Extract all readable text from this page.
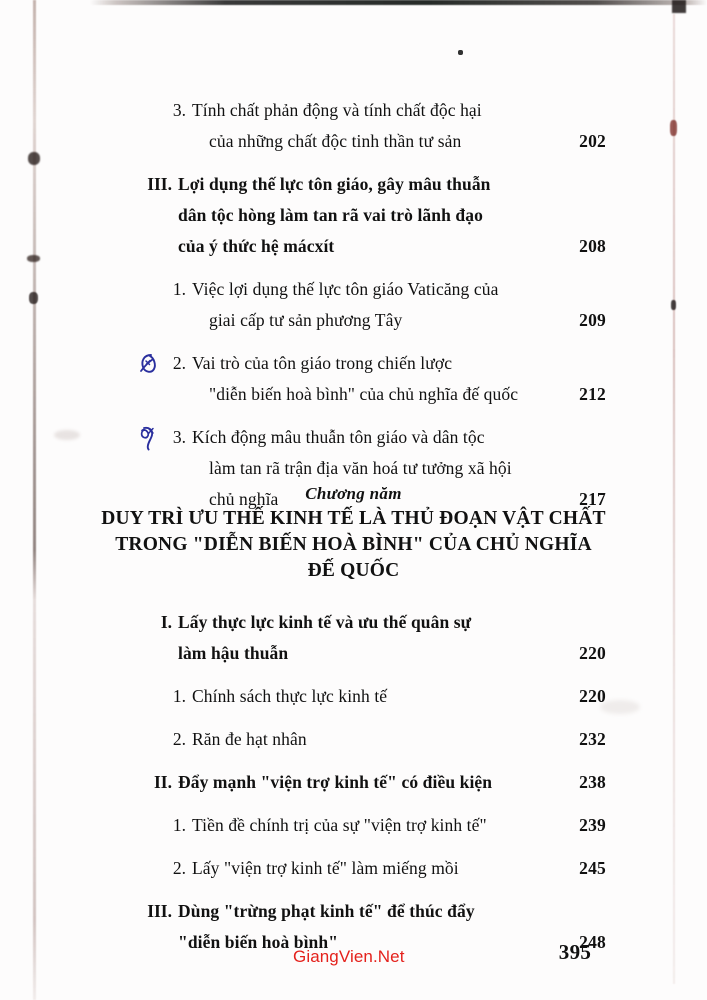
3. Tính chất phản động và tính chất độc hại
của những chất độc tinh thần tư sản	202
III. Lợi dụng thế lực tôn giáo, gây mâu thuẫn
dân tộc hòng làm tan rã vai trò lãnh đạo
của ý thức hệ mácxít	208
1. Việc lợi dụng thế lực tôn giáo Vaticăng của
giai cấp tư sản phương Tây	209
2. Vai trò của tôn giáo trong chiến lược
"diễn biến hoà bình" của chủ nghĩa đế quốc	212
3. Kích động mâu thuẫn tôn giáo và dân tộc
làm tan rã trận địa văn hoá tư tưởng xã hội
chủ nghĩa	217
Chương năm
DUY TRÌ ƯU THẾ KINH TẾ LÀ THỦ ĐOẠN VẬT CHẤT
TRONG "DIỄN BIẾN HOÀ BÌNH" CỦA CHỦ NGHĨA
ĐẾ QUỐC
I. Lấy thực lực kinh tế và ưu thế quân sự
làm hậu thuẫn	220
1. Chính sách thực lực kinh tế	220
2. Răn đe hạt nhân	232
II. Đẩy mạnh "viện trợ kinh tế" có điều kiện	238
1. Tiền đề chính trị của sự "viện trợ kinh tế"	239
2. Lấy "viện trợ kinh tế" làm miếng mồi	245
III. Dùng "trừng phạt kinh tế" để thúc đẩy
"diễn biến hoà bình"	248
GiangVien.Net	395
